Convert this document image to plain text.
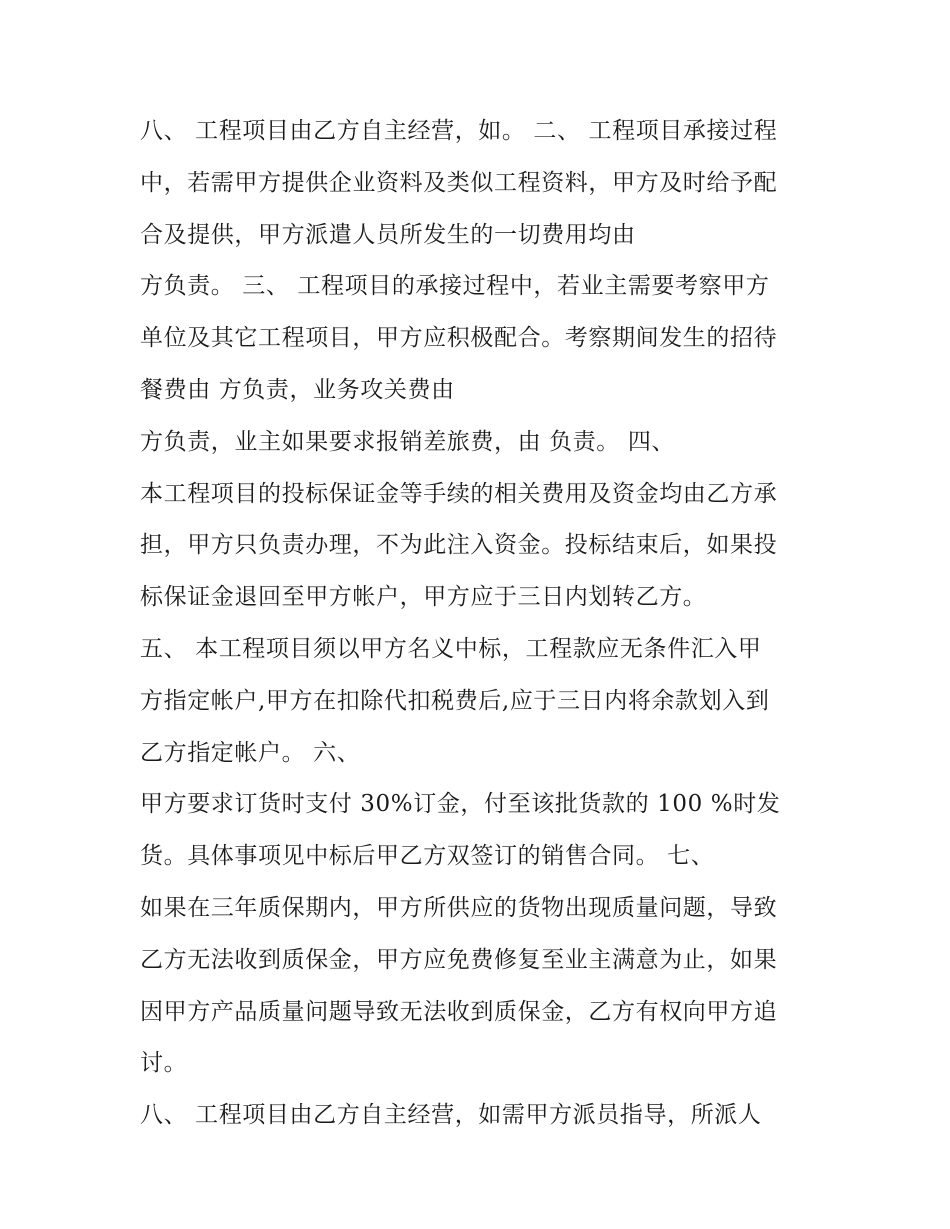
八、 工程项目由乙方自主经营，如。 二、 工程项目承接过程
中，若需甲方提供企业资料及类似工程资料，甲方及时给予配
合及提供，甲方派遣人员所发生的一切费用均由
方负责。 三、 工程项目的承接过程中，若业主需要考察甲方
单位及其它工程项目，甲方应积极配合。考察期间发生的招待
餐费由 方负责，业务攻关费由
方负责，业主如果要求报销差旅费，由 负责。 四、
本工程项目的投标保证金等手续的相关费用及资金均由乙方承
担，甲方只负责办理，不为此注入资金。投标结束后，如果投
标保证金退回至甲方帐户，甲方应于三日内划转乙方。
五、 本工程项目须以甲方名义中标，工程款应无条件汇入甲
方指定帐户,甲方在扣除代扣税费后,应于三日内将余款划入到
乙方指定帐户。 六、
甲方要求订货时支付 30%订金，付至该批货款的 100 %时发
货。具体事项见中标后甲乙方双签订的销售合同。 七、
如果在三年质保期内，甲方所供应的货物出现质量问题，导致
乙方无法收到质保金，甲方应免费修复至业主满意为止，如果
因甲方产品质量问题导致无法收到质保金，乙方有权向甲方追
讨。
八、 工程项目由乙方自主经营，如需甲方派员指导，所派人
